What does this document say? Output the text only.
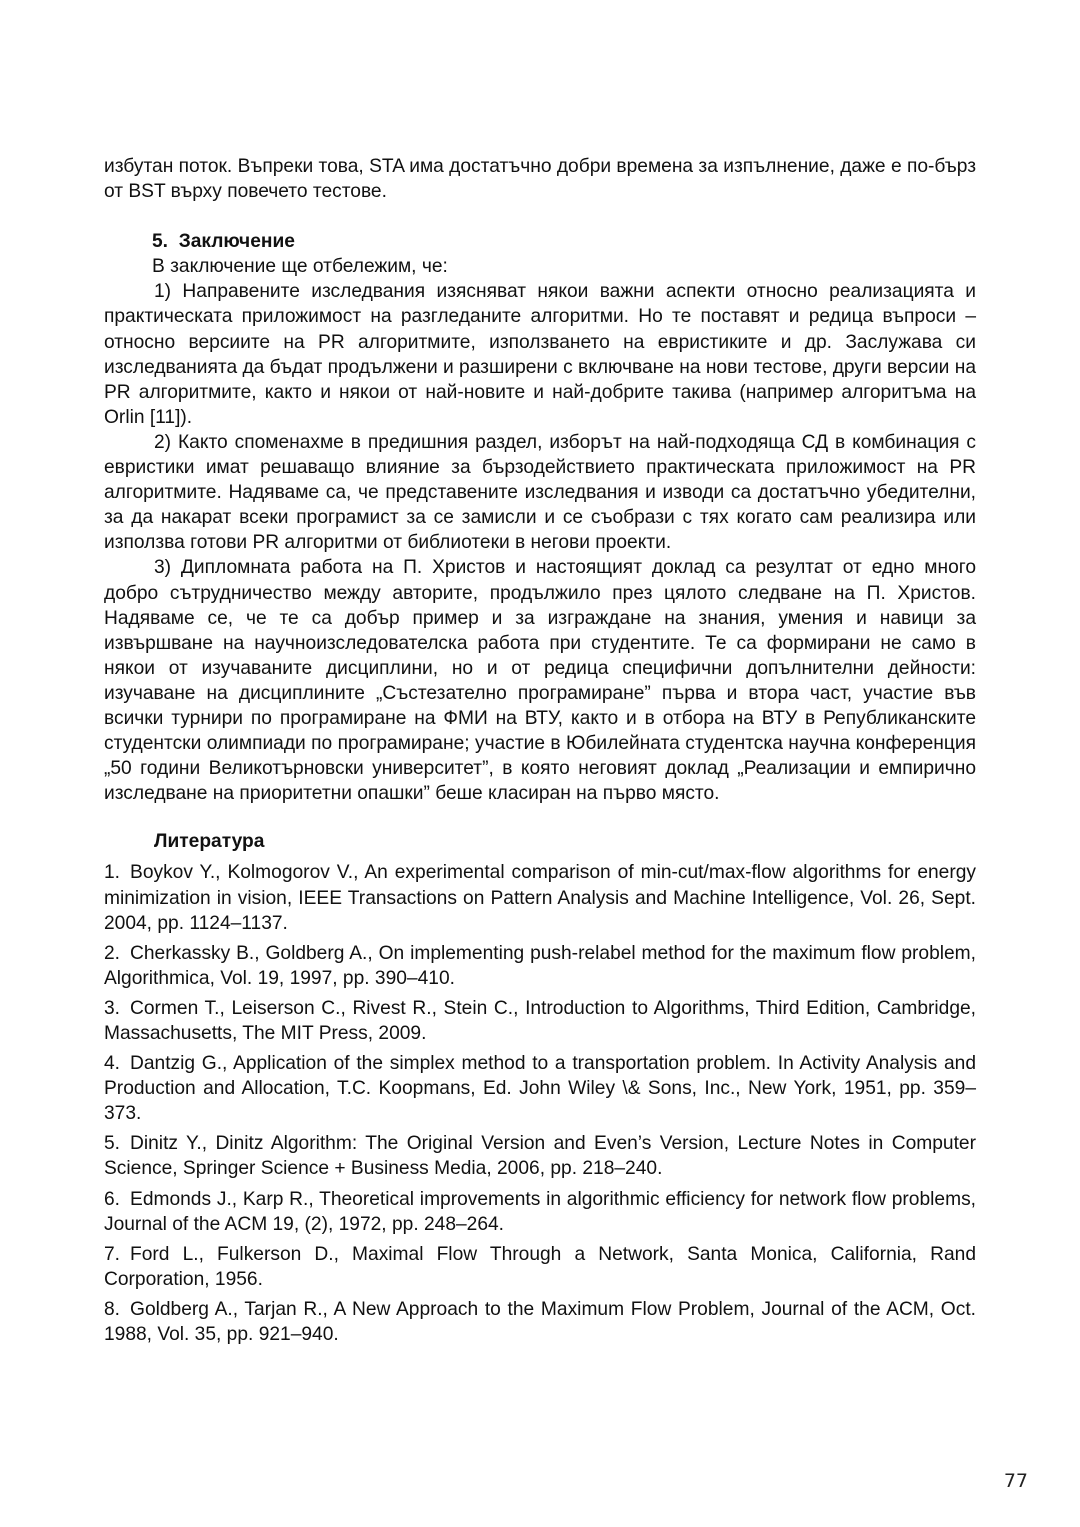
избутан поток. Въпреки това, STA има достатъчно добри времена за изпълнение, даже е по-бърз от BST върху повечето тестове.

5. Заключение

В заключение ще отбележим, че:

1) Направените изследвания изясняват някои важни аспекти относно реализацията и практическата приложимост на разгледаните алгоритми. Но те поставят и редица въпроси – относно версиите на PR алгоритмите, използването на евристиките и др. Заслужава си изследванията да бъдат продължени и разширени с включване на нови тестове, други версии на PR алгоритмите, както и някои от най-новите и най-добрите такива (например алгоритъма на Orlin [11]).

2) Както споменахме в предишния раздел, изборът на най-подходяща СД в комбинация с евристики имат решаващо влияние за бързодействието практическата приложимост на PR алгоритмите. Надяваме са, че представените изследвания и изводи са достатъчно убедителни, за да накарат всеки програмист за се замисли и се съобрази с тях когато сам реализира или използва готови PR алгоритми от библиотеки в негови проекти.

3) Дипломната работа на П. Христов и настоящият доклад са резултат от едно много добро сътрудничество между авторите, продължило през цялото следване на П. Христов. Надяваме се, че те са добър пример и за изграждане на знания, умения и навици за извършване на научноизследователска работа при студентите. Те са формирани не само в някои от изучаваните дисциплини, но и от редица специфични допълнителни дейности: изучаване на дисциплините „Състезателно програмиране” първа и втора част, участие във всички турнири по програмиране на ФМИ на ВТУ, както и в отбора на ВТУ в Републиканските студентски олимпиади по програмиране; участие в Юбилейната студентска научна конференция „50 години Великотърновски университет”, в която неговият доклад „Реализации и емпирично изследване на приоритетни опашки” беше класиран на първо място.

Литература

1. Boykov Y., Kolmogorov V., An experimental comparison of min-cut/max-flow algorithms for energy minimization in vision, IEEE Transactions on Pattern Analysis and Machine Intelligence, Vol. 26, Sept. 2004, pp. 1124–1137.

2. Cherkassky B., Goldberg A., On implementing push-relabel method for the maximum flow problem, Algorithmica, Vol. 19, 1997, pp. 390–410.

3. Cormen T., Leiserson C., Rivest R., Stein C., Introduction to Algorithms, Third Edition, Cambridge, Massachusetts, The MIT Press, 2009.

4. Dantzig G., Application of the simplex method to a transportation problem. In Activity Analysis and Production and Allocation, T.C. Koopmans, Ed. John Wiley \& Sons, Inc., New York, 1951, pp. 359–373.

5. Dinitz Y., Dinitz Algorithm: The Original Version and Even’s Version, Lecture Notes in Computer Science, Springer Science + Business Media, 2006, pp. 218–240.

6. Edmonds J., Karp R., Theoretical improvements in algorithmic efficiency for network flow problems, Journal of the ACM 19, (2), 1972, pp. 248–264.

7. Ford L., Fulkerson D., Maximal Flow Through a Network, Santa Monica, California, Rand Corporation, 1956.

8. Goldberg A., Tarjan R., A New Approach to the Maximum Flow Problem, Journal of the ACM, Oct. 1988, Vol. 35, pp. 921–940.

77
